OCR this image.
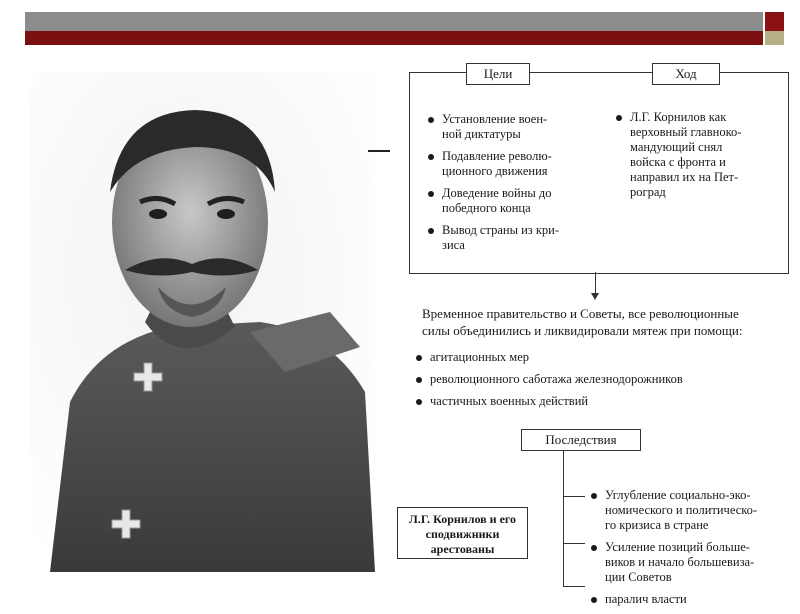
Цели	Ход
Установление воен-
ной диктатуры
Подавление револю-
ционного движения
Доведение войны до
победного конца
Вывод страны из кри-
зиса
Л.Г. Корнилов как
верховный главноко-
мандующий снял
войска с фронта и
направил их на Пет-
роград
Временное правительство и Советы, все революционные
силы объединились и ликвидировали мятеж при помощи:
агитационных мер
революционного саботажа железнодорожников
частичных военных действий
Последствия
Углубление социально-эко-
номического и политическо-
го кризиса в стране
Усиление позиций больше-
виков и начало большевиза-
ции Советов
паралич власти
Л.Г. Корнилов и его
сподвижники
арестованы
